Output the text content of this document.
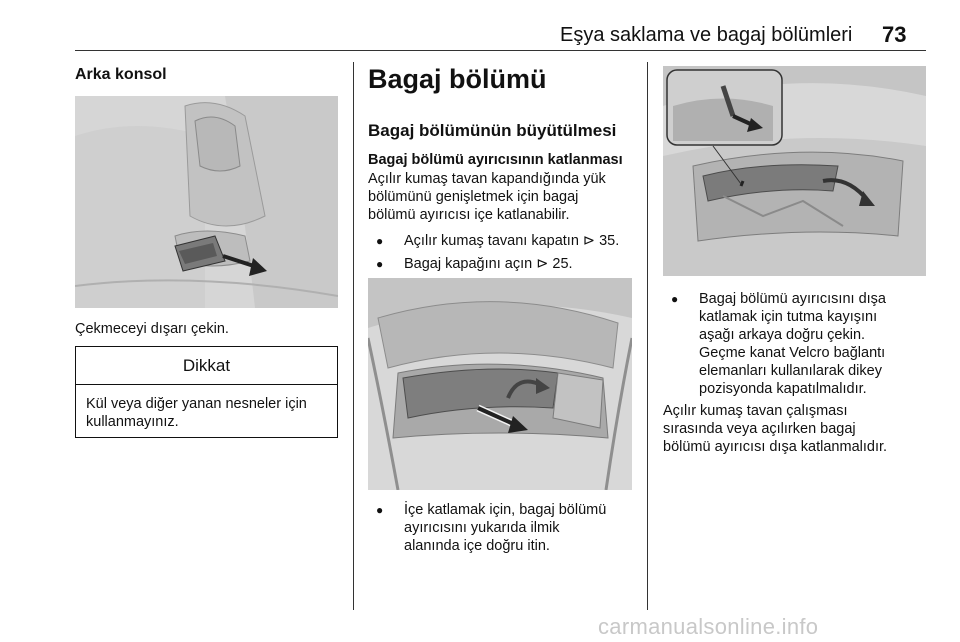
Eşya saklama ve bagaj bölümleri 73
Arka konsol
Çekmeceyi dışarı çekin.
Dikkat
Kül veya diğer yanan nesneler için
kullanmayınız.
Bagaj bölümü
Bagaj bölümünün büyütülmesi
Bagaj bölümü ayırıcısının katlanması
Açılır kumaş tavan kapandığında yük
bölümünü genişletmek için bagaj
bölümü ayırıcısı içe katlanabilir.
● Açılır kumaş tavanı kapatın ⊳ 35.
● Bagaj kapağını açın ⊳ 25.
● İçe katlamak için, bagaj bölümü
ayırıcısını yukarıda ilmik
alanında içe doğru itin.
● Bagaj bölümü ayırıcısını dışa
katlamak için tutma kayışını
aşağı arkaya doğru çekin.
Geçme kanat Velcro bağlantı
elemanları kullanılarak dikey
pozisyonda kapatılmalıdır.
Açılır kumaş tavan çalışması
sırasında veya açılırken bagaj
bölümü ayırıcısı dışa katlanmalıdır.
carmanualsonline.info
